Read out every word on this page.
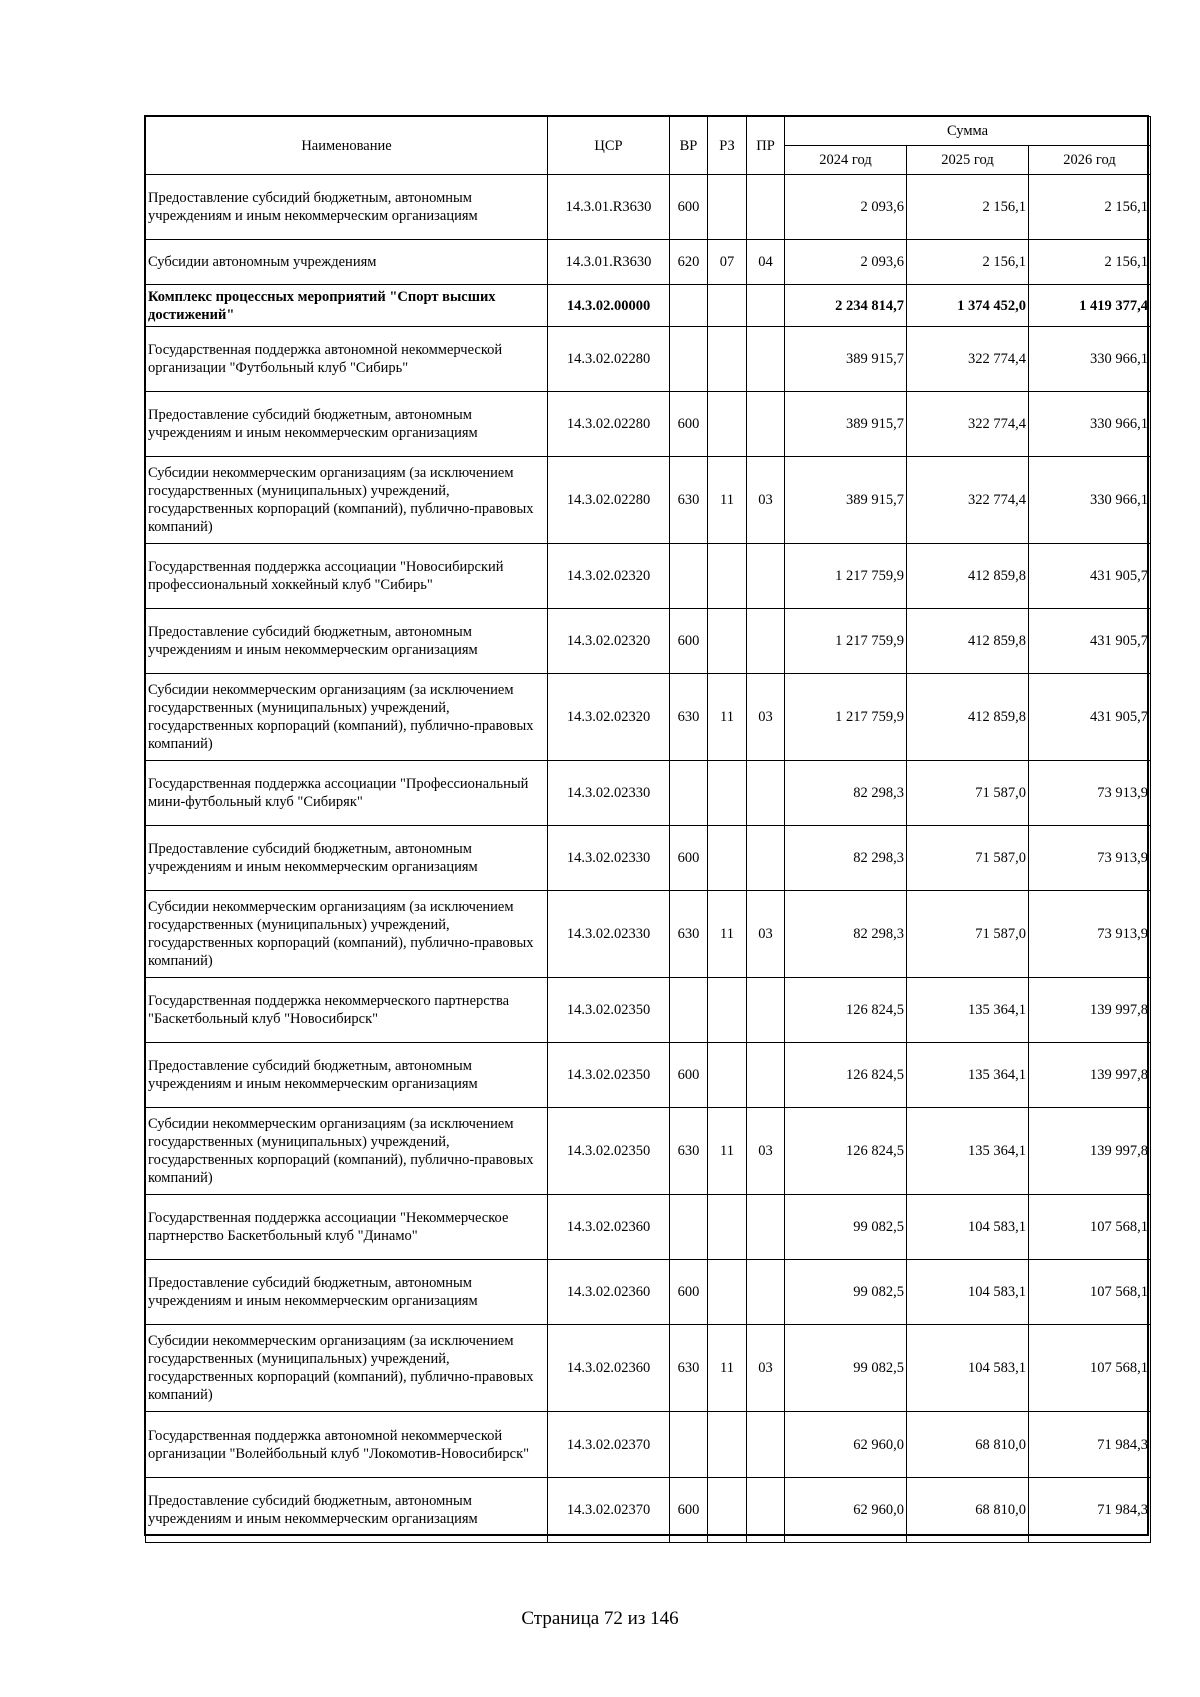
Наименование	ЦСР	ВР	РЗ	ПР	Сумма		
					2024 год	2025 год	2026 год
Предоставление субсидий бюджетным, автономным учреждениям и иным некоммерческим организациям	14.3.01.R3630	600			2 093,6	2 156,1	2 156,1
Субсидии автономным учреждениям	14.3.01.R3630	620	07	04	2 093,6	2 156,1	2 156,1
Комплекс процессных мероприятий "Спорт высших достижений"	14.3.02.00000				2 234 814,7	1 374 452,0	1 419 377,4
Государственная поддержка автономной некоммерческой организации "Футбольный клуб "Сибирь"	14.3.02.02280				389 915,7	322 774,4	330 966,1
Предоставление субсидий бюджетным, автономным учреждениям и иным некоммерческим организациям	14.3.02.02280	600			389 915,7	322 774,4	330 966,1
Субсидии некоммерческим организациям (за исключением государственных (муниципальных) учреждений, государственных корпораций (компаний), публично-правовых компаний)	14.3.02.02280	630	11	03	389 915,7	322 774,4	330 966,1
Государственная поддержка ассоциации "Новосибирский профессиональный хоккейный клуб "Сибирь"	14.3.02.02320				1 217 759,9	412 859,8	431 905,7
Предоставление субсидий бюджетным, автономным учреждениям и иным некоммерческим организациям	14.3.02.02320	600			1 217 759,9	412 859,8	431 905,7
Субсидии некоммерческим организациям (за исключением государственных (муниципальных) учреждений, государственных корпораций (компаний), публично-правовых компаний)	14.3.02.02320	630	11	03	1 217 759,9	412 859,8	431 905,7
Государственная поддержка ассоциации "Профессиональный мини-футбольный клуб "Сибиряк"	14.3.02.02330				82 298,3	71 587,0	73 913,9
Предоставление субсидий бюджетным, автономным учреждениям и иным некоммерческим организациям	14.3.02.02330	600			82 298,3	71 587,0	73 913,9
Субсидии некоммерческим организациям (за исключением государственных (муниципальных) учреждений, государственных корпораций (компаний), публично-правовых компаний)	14.3.02.02330	630	11	03	82 298,3	71 587,0	73 913,9
Государственная поддержка некоммерческого партнерства "Баскетбольный клуб "Новосибирск"	14.3.02.02350				126 824,5	135 364,1	139 997,8
Предоставление субсидий бюджетным, автономным учреждениям и иным некоммерческим организациям	14.3.02.02350	600			126 824,5	135 364,1	139 997,8
Субсидии некоммерческим организациям (за исключением государственных (муниципальных) учреждений, государственных корпораций (компаний), публично-правовых компаний)	14.3.02.02350	630	11	03	126 824,5	135 364,1	139 997,8
Государственная поддержка ассоциации "Некоммерческое партнерство Баскетбольный клуб "Динамо"	14.3.02.02360				99 082,5	104 583,1	107 568,1
Предоставление субсидий бюджетным, автономным учреждениям и иным некоммерческим организациям	14.3.02.02360	600			99 082,5	104 583,1	107 568,1
Субсидии некоммерческим организациям (за исключением государственных (муниципальных) учреждений, государственных корпораций (компаний), публично-правовых компаний)	14.3.02.02360	630	11	03	99 082,5	104 583,1	107 568,1
Государственная поддержка автономной некоммерческой организации "Волейбольный клуб "Локомотив-Новосибирск"	14.3.02.02370				62 960,0	68 810,0	71 984,3
Предоставление субсидий бюджетным, автономным учреждениям и иным некоммерческим организациям	14.3.02.02370	600			62 960,0	68 810,0	71 984,3
Страница 72 из 146
